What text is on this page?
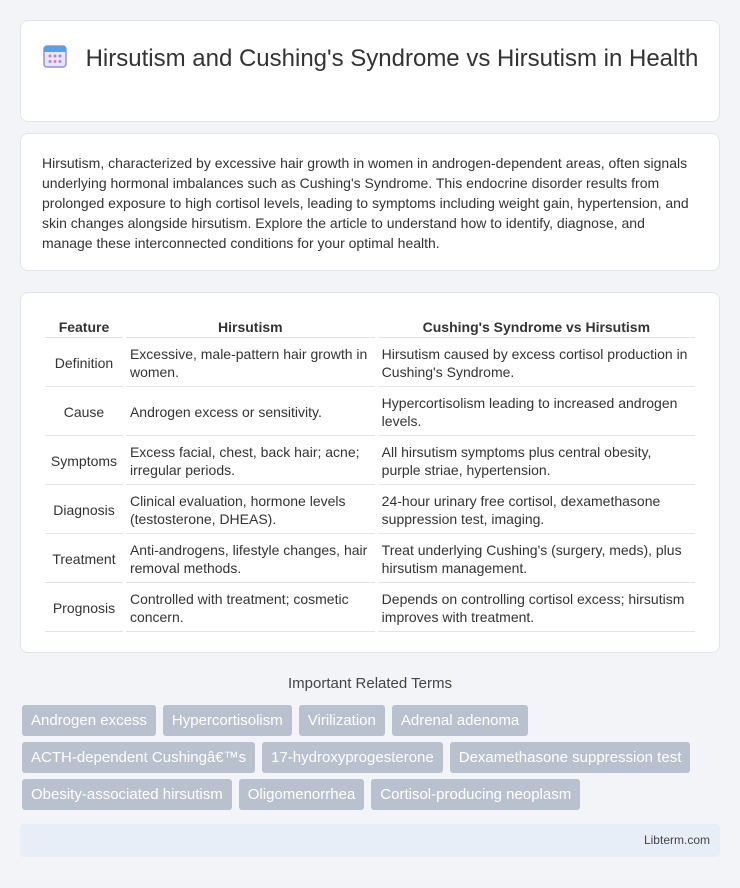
Hirsutism and Cushing's Syndrome vs Hirsutism in Health

Hirsutism, characterized by excessive hair growth in women in androgen-dependent areas, often signals underlying hormonal imbalances such as Cushing's Syndrome. This endocrine disorder results from prolonged exposure to high cortisol levels, leading to symptoms including weight gain, hypertension, and skin changes alongside hirsutism. Explore the article to understand how to identify, diagnose, and manage these interconnected conditions for your optimal health.

Feature	Hirsutism	Cushing's Syndrome vs Hirsutism
Definition	Excessive, male-pattern hair growth in women.	Hirsutism caused by excess cortisol production in Cushing's Syndrome.
Cause	Androgen excess or sensitivity.	Hypercortisolism leading to increased androgen levels.
Symptoms	Excess facial, chest, back hair; acne; irregular periods.	All hirsutism symptoms plus central obesity, purple striae, hypertension.
Diagnosis	Clinical evaluation, hormone levels (testosterone, DHEAS).	24-hour urinary free cortisol, dexamethasone suppression test, imaging.
Treatment	Anti-androgens, lifestyle changes, hair removal methods.	Treat underlying Cushing's (surgery, meds), plus hirsutism management.
Prognosis	Controlled with treatment; cosmetic concern.	Depends on controlling cortisol excess; hirsutism improves with treatment.
Important Related Terms
Androgen excess	Hypercortisolism	Virilization	Adrenal adenoma
ACTH-dependent Cushingâ€™s	17-hydroxyprogesterone	Dexamethasone suppression test
Obesity-associated hirsutism	Oligomenorrhea	Cortisol-producing neoplasm
Libterm.com
